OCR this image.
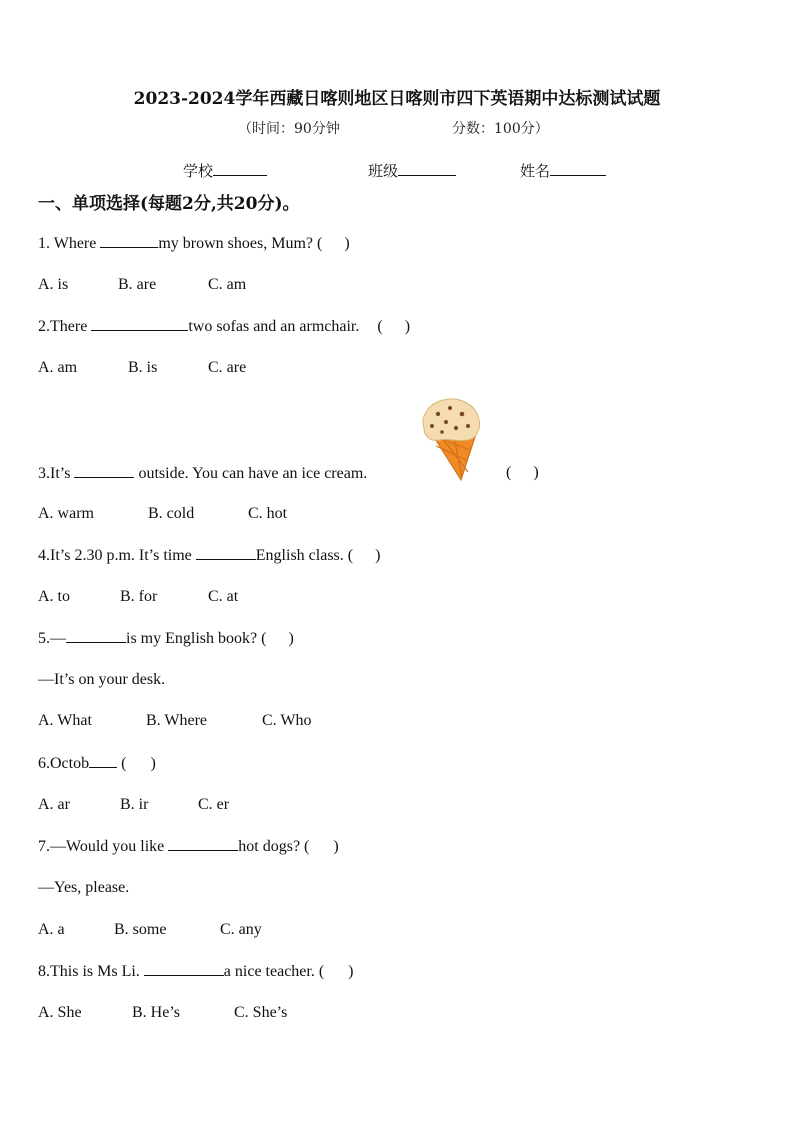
2023-2024学年西藏日喀则地区日喀则市四下英语期中达标测试试题
（时间：90分钟	分数：100分）
学校	班级	姓名
一、单项选择(每题2分,共20分)。
1. Where	my brown shoes, Mum? ( )
A. is	B. are	C. am
2.There	two sofas and an armchair. ( )
A. am	B. is	C. are
3.It’s	outside. You can have an ice cream.	( )
A. warm	B. cold	C. hot
4.It’s 2.30 p.m. It’s time	English class. ( )
A. to	B. for	C. at
5.—	is my English book? ( )
—It’s on your desk.
A. What	B. Where	C. Who
6.Octob ( )
A. ar	B. ir	C. er
7.—Would you like	hot dogs? ( )
—Yes, please.
A. a	B. some	C. any
8.This is Ms Li.	a nice teacher. ( )
A. She	B. He’s	C. She’s
